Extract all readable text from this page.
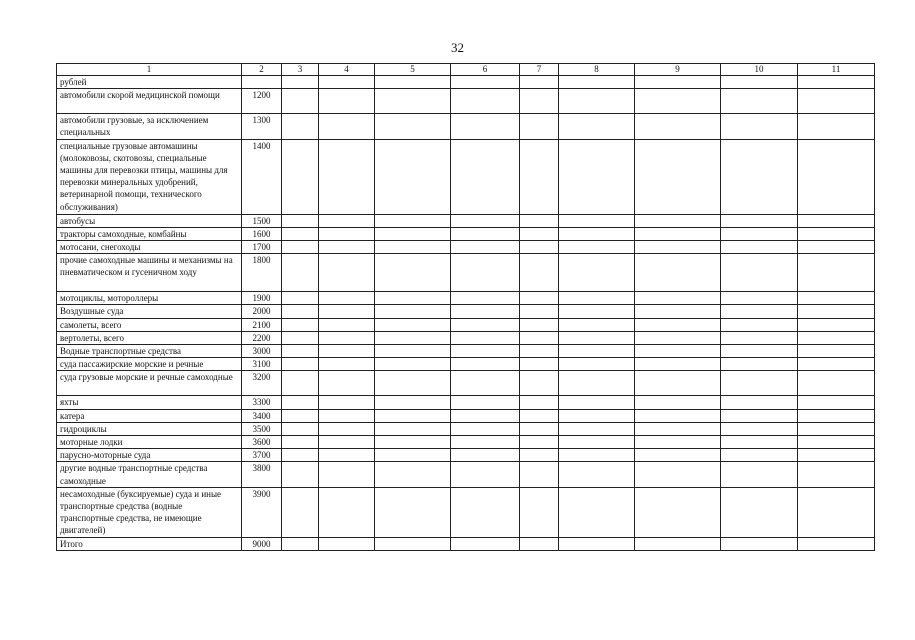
32
1	2	3	4	5	6	7	8	9	10	11
рублей										
автомобили скорой медицинской помощи	1200									
автомобили грузовые, за исключением специальных	1300									
специальные грузовые автомашины (молоковозы, скотовозы, специальные машины для перевозки птицы, машины для перевозки минеральных удобрений, ветеринарной помощи, технического обслуживания)	1400									
автобусы	1500									
тракторы самоходные, комбайны	1600									
мотосани, снегоходы	1700									
прочие самоходные машины и механизмы на пневматическом и гусеничном ходу	1800									
мотоциклы, мотороллеры	1900									
Воздушные суда	2000									
самолеты, всего	2100									
вертолеты, всего	2200									
Водные транспортные средства	3000									
суда пассажирские морские и речные	3100									
суда грузовые морские и речные самоходные	3200									
яхты	3300									
катера	3400									
гидроциклы	3500									
моторные лодки	3600									
парусно-моторные суда	3700									
другие водные транспортные средства самоходные	3800									
несамоходные (буксируемые) суда и иные транспортные средства (водные транспортные средства, не имеющие двигателей)	3900									
Итого	9000									
